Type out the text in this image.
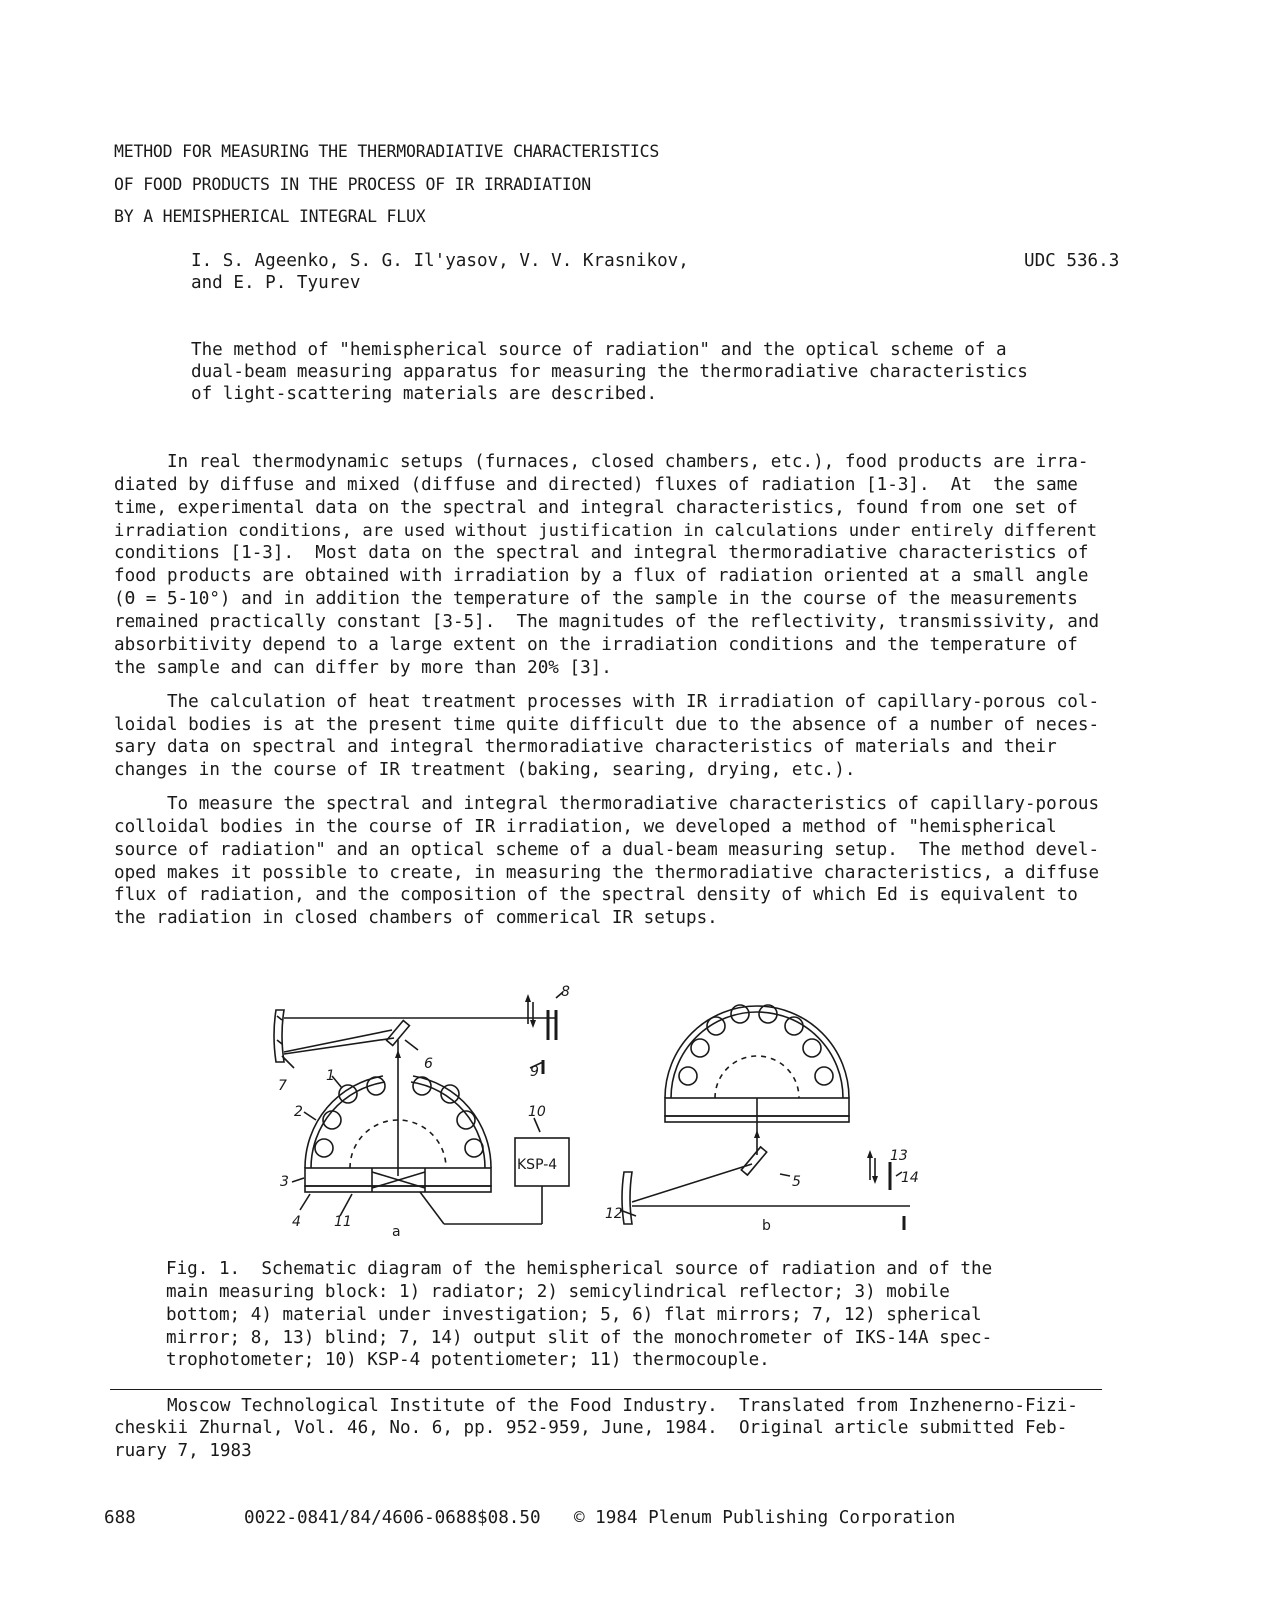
METHOD FOR MEASURING THE THERMORADIATIVE CHARACTERISTICS
OF FOOD PRODUCTS IN THE PROCESS OF IR IRRADIATION
BY A HEMISPHERICAL INTEGRAL FLUX
I. S. Ageenko, S. G. Il'yasov, V. V. Krasnikov,
and E. P. Tyurev
UDC 536.3
The method of "hemispherical source of radiation" and the optical scheme of a
dual-beam measuring apparatus for measuring the thermoradiative characteristics
of light-scattering materials are described.
In real thermodynamic setups (furnaces, closed chambers, etc.), food products are irra-
diated by diffuse and mixed (diffuse and directed) fluxes of radiation [1-3].  At  the same
time, experimental data on the spectral and integral characteristics, found from one set of
irradiation conditions, are used without justification in calculations under entirely different
conditions [1-3].  Most data on the spectral and integral thermoradiative characteristics of
food products are obtained with irradiation by a flux of radiation oriented at a small angle
(Θ = 5-10°) and in addition the temperature of the sample in the course of the measurements
remained practically constant [3-5].  The magnitudes of the reflectivity, transmissivity, and
absorbitivity depend to a large extent on the irradiation conditions and the temperature of
the sample and can differ by more than 20% [3].
The calculation of heat treatment processes with IR irradiation of capillary-porous col-
loidal bodies is at the present time quite difficult due to the absence of a number of neces-
sary data on spectral and integral thermoradiative characteristics of materials and their
changes in the course of IR treatment (baking, searing, drying, etc.).
To measure the spectral and integral thermoradiative characteristics of capillary-porous
colloidal bodies in the course of IR irradiation, we developed a method of "hemispherical
source of radiation" and an optical scheme of a dual-beam measuring setup.  The method devel-
oped makes it possible to create, in measuring the thermoradiative characteristics, a diffuse
flux of radiation, and the composition of the spectral density of which Ed is equivalent to
the radiation in closed chambers of commerical IR setups.
7
1
2
3
4 11
6
8
9
10
5
12
13
14
KSP-4
a	b
Fig. 1.  Schematic diagram of the hemispherical source of radiation and of the
main measuring block: 1) radiator; 2) semicylindrical reflector; 3) mobile
bottom; 4) material under investigation; 5, 6) flat mirrors; 7, 12) spherical
mirror; 8, 13) blind; 7, 14) output slit of the monochrometer of IKS-14A spec-
trophotometer; 10) KSP-4 potentiometer; 11) thermocouple.
Moscow Technological Institute of the Food Industry.  Translated from Inzhenerno-Fizi-
cheskii Zhurnal, Vol. 46, No. 6, pp. 952-959, June, 1984.  Original article submitted Feb-
ruary 7, 1983
688	0022-0841/84/4606-0688$08.50 © 1984 Plenum Publishing Corporation
